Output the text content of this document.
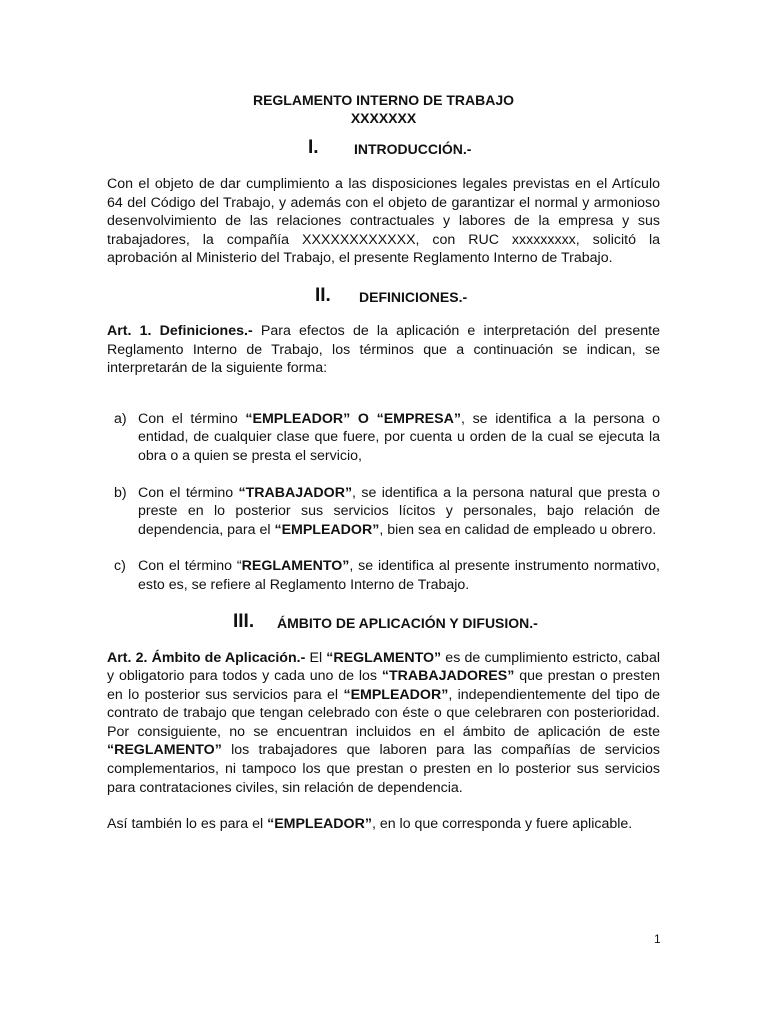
REGLAMENTO INTERNO DE TRABAJO
XXXXXXX
I.	INTRODUCCIÓN.-

Con el objeto de dar cumplimiento a las disposiciones legales previstas en el Artículo 64 del Código del Trabajo, y además con el objeto de garantizar el normal y armonioso desenvolvimiento de las relaciones contractuales y labores de la empresa y sus trabajadores, la compañía XXXXXXXXXXXX, con RUC xxxxxxxxx, solicitó la aprobación al Ministerio del Trabajo, el presente Reglamento Interno de Trabajo.

II. DEFINICIONES.-

Art. 1. Definiciones.- Para efectos de la aplicación e interpretación del presente Reglamento Interno de Trabajo, los términos que a continuación se indican, se interpretarán de la siguiente forma:

a) Con el término “EMPLEADOR” O “EMPRESA”, se identifica a la persona o entidad, de cualquier clase que fuere, por cuenta u orden de la cual se ejecuta la obra o a quien se presta el servicio,
b) Con el término “TRABAJADOR”, se identifica a la persona natural que presta o preste en lo posterior sus servicios lícitos y personales, bajo relación de dependencia, para el “EMPLEADOR”, bien sea en calidad de empleado u obrero.
c) Con el término “REGLAMENTO”, se identifica al presente instrumento normativo, esto es, se refiere al Reglamento Interno de Trabajo.
III. ÁMBITO DE APLICACIÓN Y DIFUSION.-

Art. 2. Ámbito de Aplicación.- El “REGLAMENTO” es de cumplimiento estricto, cabal y obligatorio para todos y cada uno de los “TRABAJADORES” que prestan o presten en lo posterior sus servicios para el “EMPLEADOR”, independientemente del tipo de contrato de trabajo que tengan celebrado con éste o que celebraren con posterioridad. Por consiguiente, no se encuentran incluidos en el ámbito de aplicación de este “REGLAMENTO” los trabajadores que laboren para las compañías de servicios complementarios, ni tampoco los que prestan o presten en lo posterior sus servicios para contrataciones civiles, sin relación de dependencia.

Así también lo es para el “EMPLEADOR”, en lo que corresponda y fuere aplicable.

1
